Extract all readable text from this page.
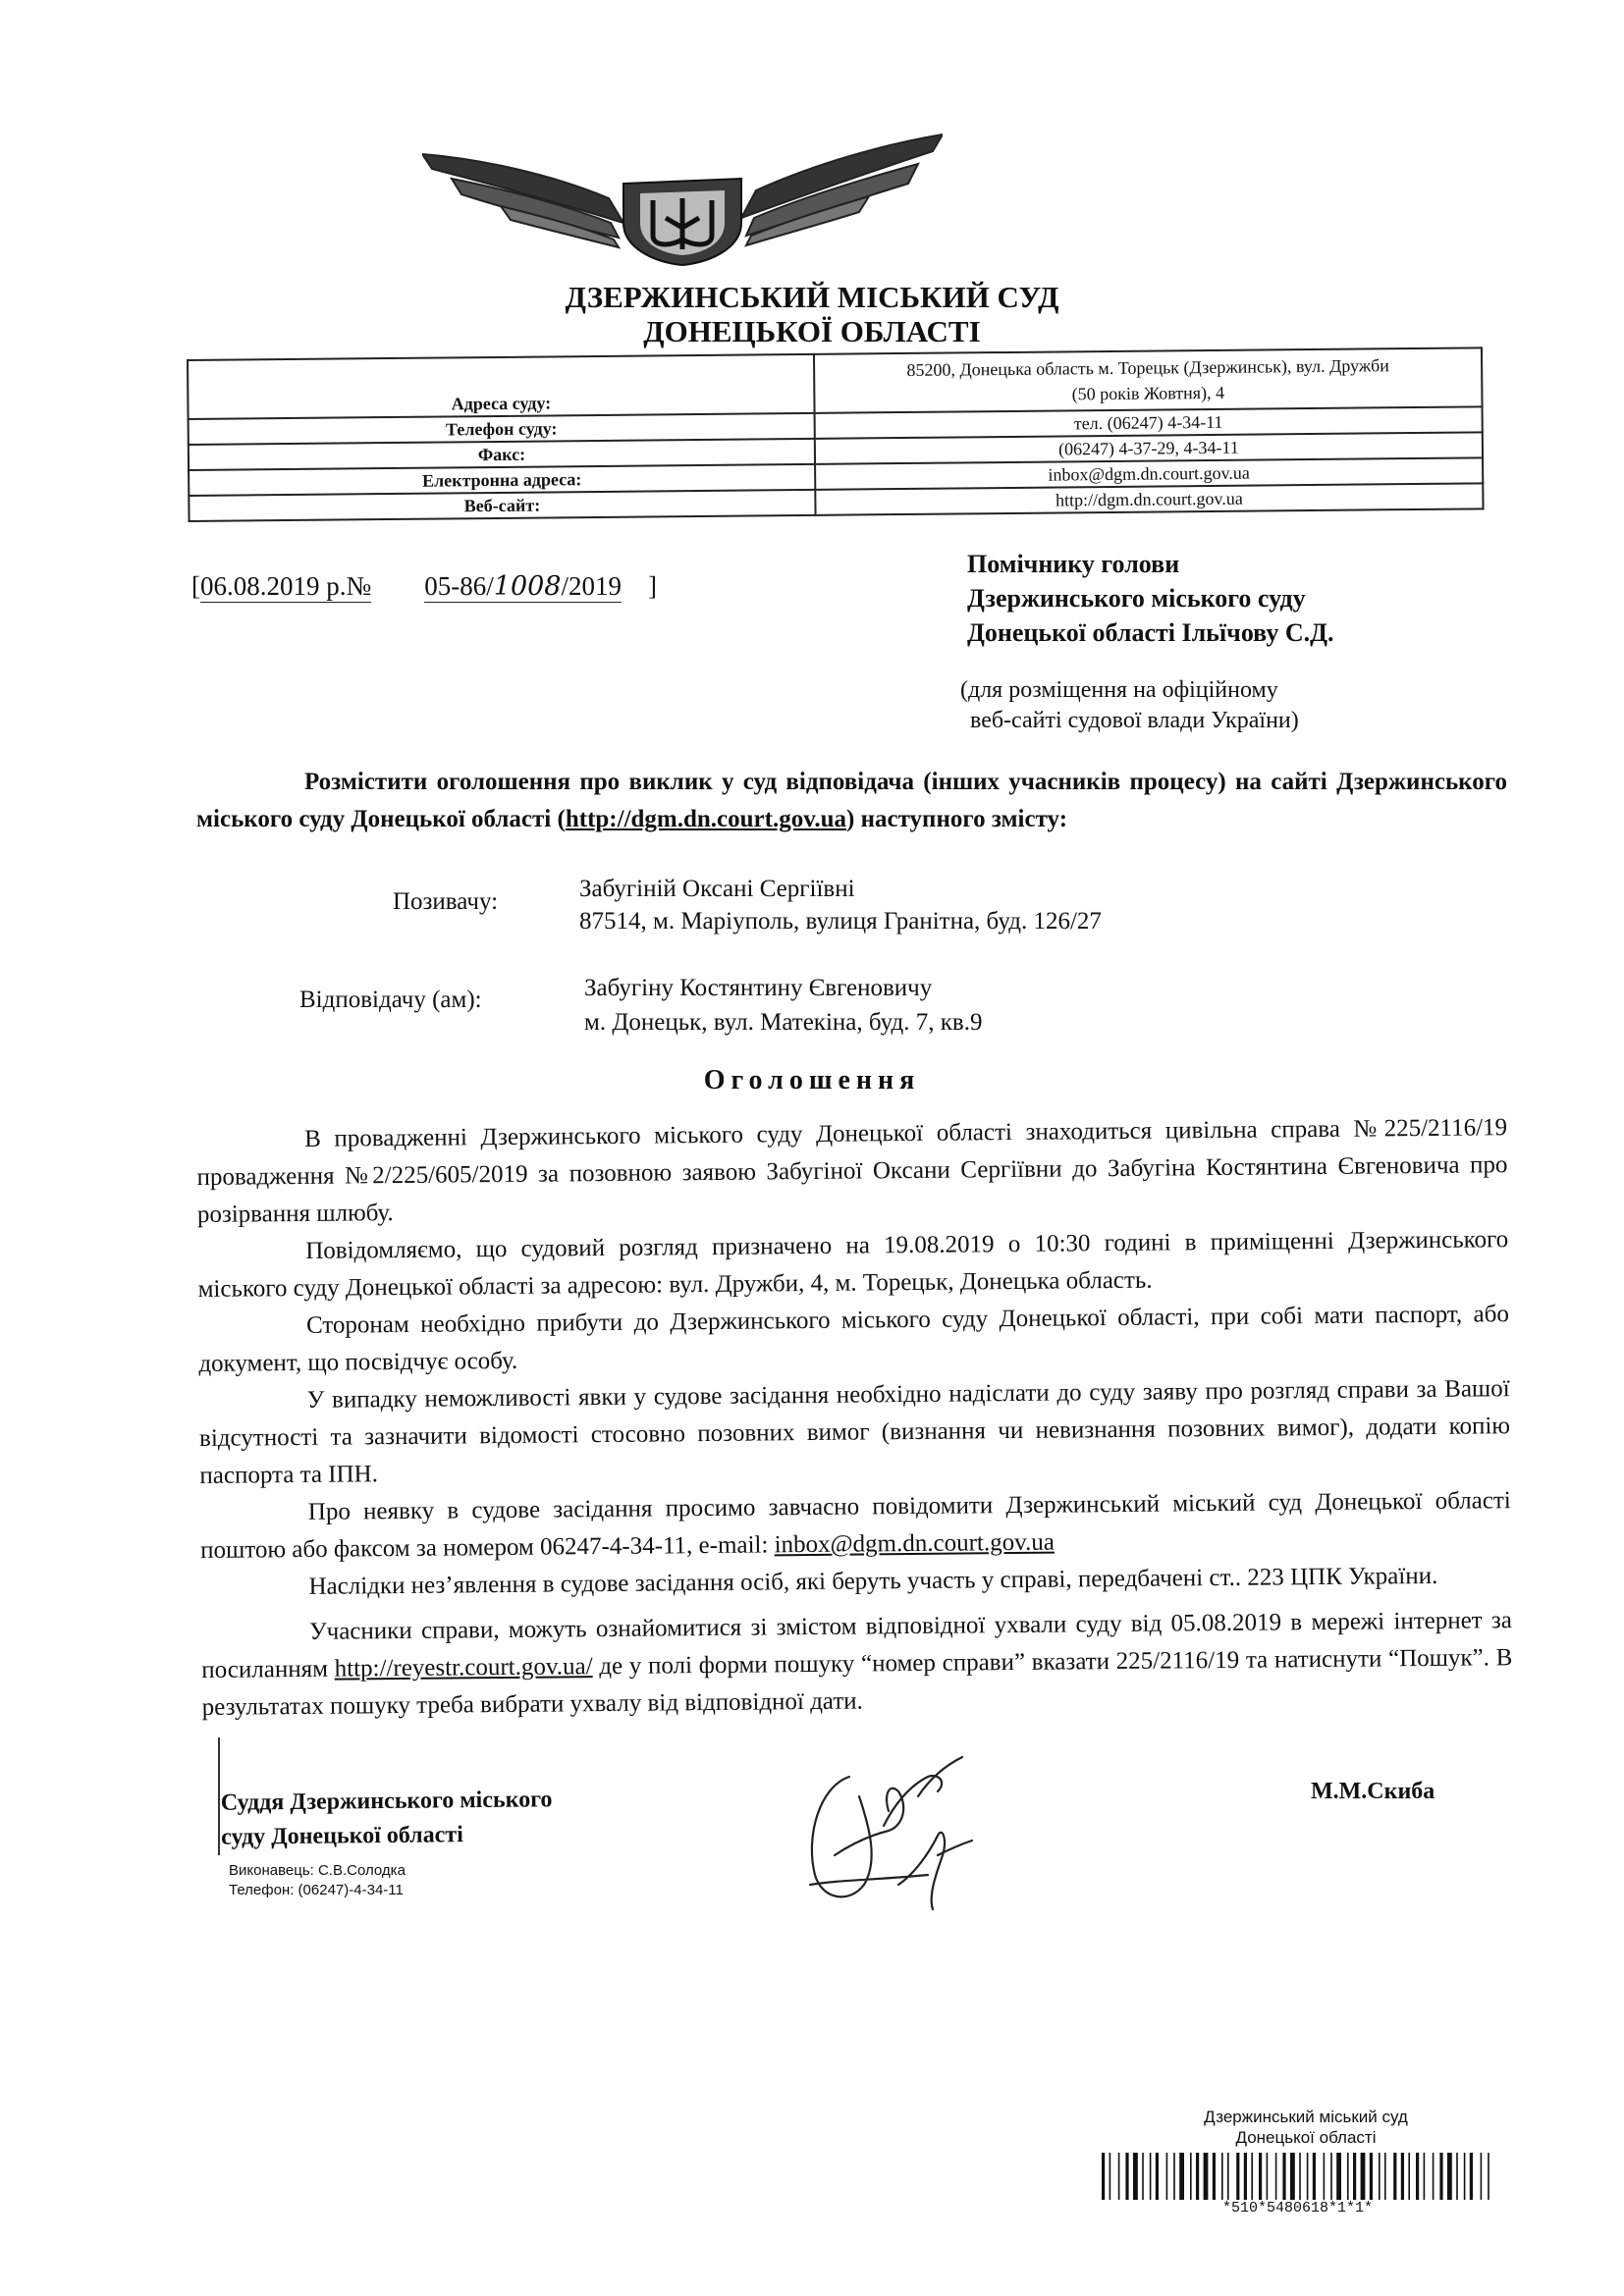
ДЗЕРЖИНСЬКИЙ МІСЬКИЙ СУД
ДОНЕЦЬКОЇ ОБЛАСТІ
Адреса суду:	85200, Донецька область м. Торецьк (Дзержинськ), вул. Дружби
(50 років Жовтня), 4

Телефон суду:	тел. (06247) 4-34-11
Факс:	(06247) 4-37-29, 4-34-11
Електронна адреса:	inbox@dgm.dn.court.gov.ua
Веб-сайт:	http://dgm.dn.court.gov.ua
[06.08.2019 р.№ 05-86/1008/2019 ]
Помічнику голови
Дзержинського міського суду
Донецької області Ільїчову С.Д.
(для розміщення на офіційному
веб-сайті судової влади України)
Розмістити оголошення про виклик у суд відповідача (інших учасників процесу) на сайті Дзержинського міського суду Донецької області (http://dgm.dn.court.gov.ua) наступного змісту:
Позивачу:	Забугіній Оксані Сергіївні
87514, м. Маріуполь, вулиця Гранітна, буд. 126/27
Відповідачу (ам):	Забугіну Костянтину Євгеновичу
м. Донецьк, вул. Матекіна, буд. 7, кв.9
Оголошення

В провадженні Дзержинського міського суду Донецької області знаходиться цивільна справа №225/2116/19 провадження №2/225/605/2019 за позовною заявою Забугіної Оксани Сергіївни до Забугіна Костянтина Євгеновича про розірвання шлюбу.

Повідомляємо, що судовий розгляд призначено на 19.08.2019 о 10:30 годині в приміщенні Дзержинського міського суду Донецької області за адресою: вул. Дружби, 4, м. Торецьк, Донецька область.

Сторонам необхідно прибути до Дзержинського міського суду Донецької області, при собі мати паспорт, або документ, що посвідчує особу.

У випадку неможливості явки у судове засідання необхідно надіслати до суду заяву про розгляд справи за Вашої відсутності та зазначити відомості стосовно позовних вимог (визнання чи невизнання позовних вимог), додати копію паспорта та ІПН.

Про неявку в судове засідання просимо завчасно повідомити Дзержинський міський суд Донецької області поштою або факсом за номером 06247-4-34-11, e-mail: inbox@dgm.dn.court.gov.ua

Наслідки нез’явлення в судове засідання осіб, які беруть участь у справі, передбачені ст.. 223 ЦПК України.

Учасники справи, можуть ознайомитися зі змістом відповідної ухвали суду від 05.08.2019 в мережі інтернет за посиланням http://reyestr.court.gov.ua/ де у полі форми пошуку “номер справи” вказати 225/2116/19 та натиснути “Пошук”. В результатах пошуку треба вибрати ухвалу від відповідної дати.

Суддя Дзержинського міського
суду Донецької області
М.М.Скиба
Виконавець: С.В.Солодка
Телефон: (06247)-4-34-11
Дзержинський міський суд
Донецької області
*510*5480618*1*1*
